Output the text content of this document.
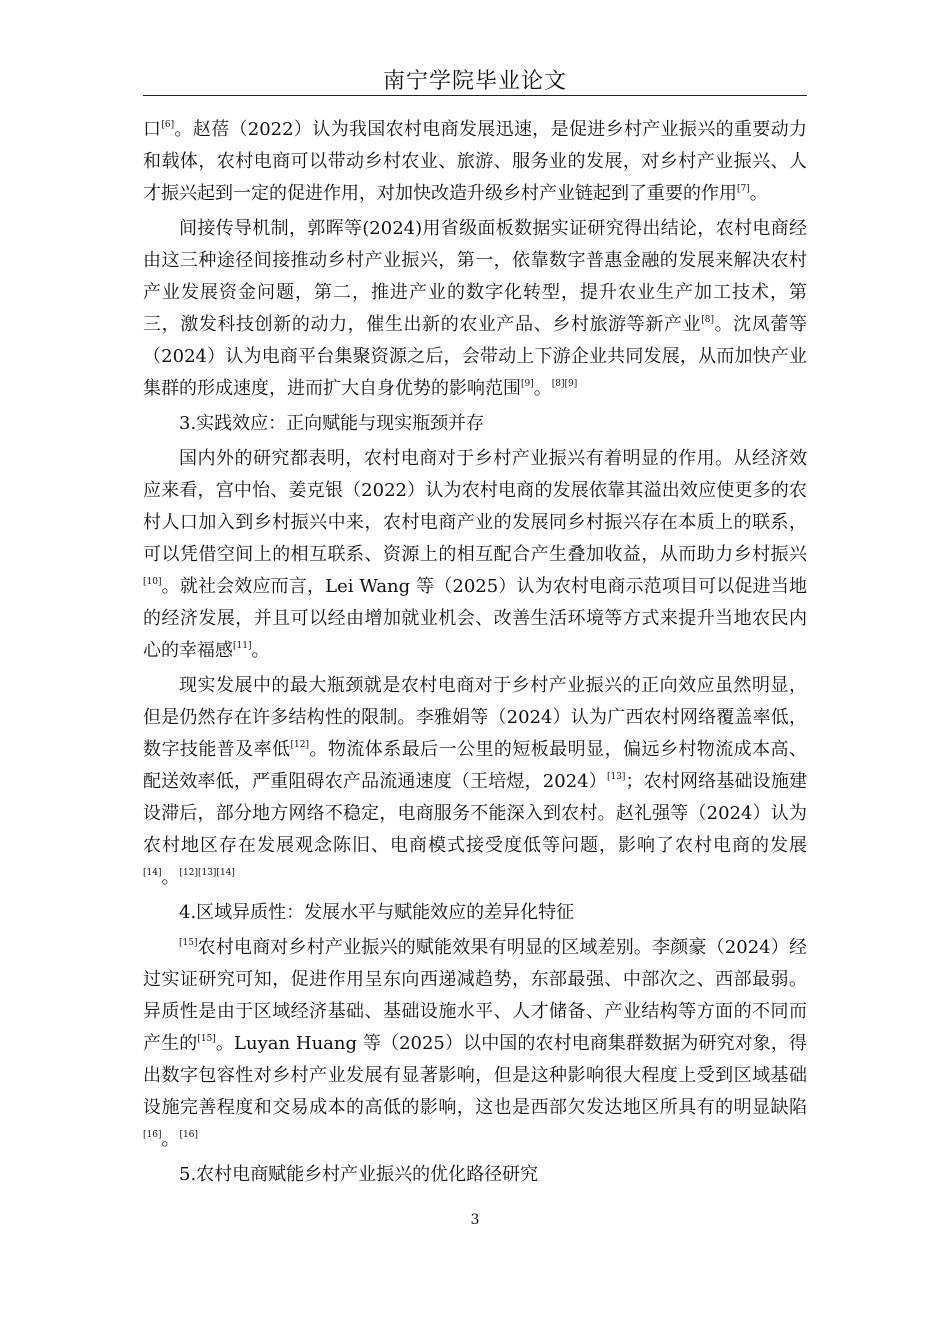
南宁学院毕业论文

口[6]。赵蓓（2022）认为我国农村电商发展迅速，是促进乡村产业振兴的重要动力和载体，农村电商可以带动乡村农业、旅游、服务业的发展，对乡村产业振兴、人才振兴起到一定的促进作用，对加快改造升级乡村产业链起到了重要的作用[7]。

间接传导机制，郭晖等(2024)用省级面板数据实证研究得出结论，农村电商经由这三种途径间接推动乡村产业振兴，第一，依靠数字普惠金融的发展来解决农村产业发展资金问题，第二，推进产业的数字化转型，提升农业生产加工技术，第三，激发科技创新的动力，催生出新的农业产品、乡村旅游等新产业[8]。沈凤蕾等（2024）认为电商平台集聚资源之后，会带动上下游企业共同发展，从而加快产业集群的形成速度，进而扩大自身优势的影响范围[9]。[8][9]

3.实践效应：正向赋能与现实瓶颈并存

国内外的研究都表明，农村电商对于乡村产业振兴有着明显的作用。从经济效应来看，宫中怡、姜克银（2022）认为农村电商的发展依靠其溢出效应使更多的农村人口加入到乡村振兴中来，农村电商产业的发展同乡村振兴存在本质上的联系，可以凭借空间上的相互联系、资源上的相互配合产生叠加收益，从而助力乡村振兴[10]。就社会效应而言，Lei Wang 等（2025）认为农村电商示范项目可以促进当地的经济发展，并且可以经由增加就业机会、改善生活环境等方式来提升当地农民内心的幸福感[11]。

现实发展中的最大瓶颈就是农村电商对于乡村产业振兴的正向效应虽然明显，但是仍然存在许多结构性的限制。李雅娟等（2024）认为广西农村网络覆盖率低，数字技能普及率低[12]。物流体系最后一公里的短板最明显，偏远乡村物流成本高、配送效率低，严重阻碍农产品流通速度（王培煜，2024）[13]；农村网络基础设施建设滞后，部分地方网络不稳定，电商服务不能深入到农村。赵礼强等（2024）认为农村地区存在发展观念陈旧、电商模式接受度低等问题，影响了农村电商的发展[14]。[12][13][14]

4.区域异质性：发展水平与赋能效应的差异化特征

[15]农村电商对乡村产业振兴的赋能效果有明显的区域差别。李颜豪（2024）经过实证研究可知，促进作用呈东向西递减趋势，东部最强、中部次之、西部最弱。异质性是由于区域经济基础、基础设施水平、人才储备、产业结构等方面的不同而产生的[15]。Luyan Huang 等（2025）以中国的农村电商集群数据为研究对象，得出数字包容性对乡村产业发展有显著影响，但是这种影响很大程度上受到区域基础设施完善程度和交易成本的高低的影响，这也是西部欠发达地区所具有的明显缺陷[16]。[16]

5.农村电商赋能乡村产业振兴的优化路径研究

3
